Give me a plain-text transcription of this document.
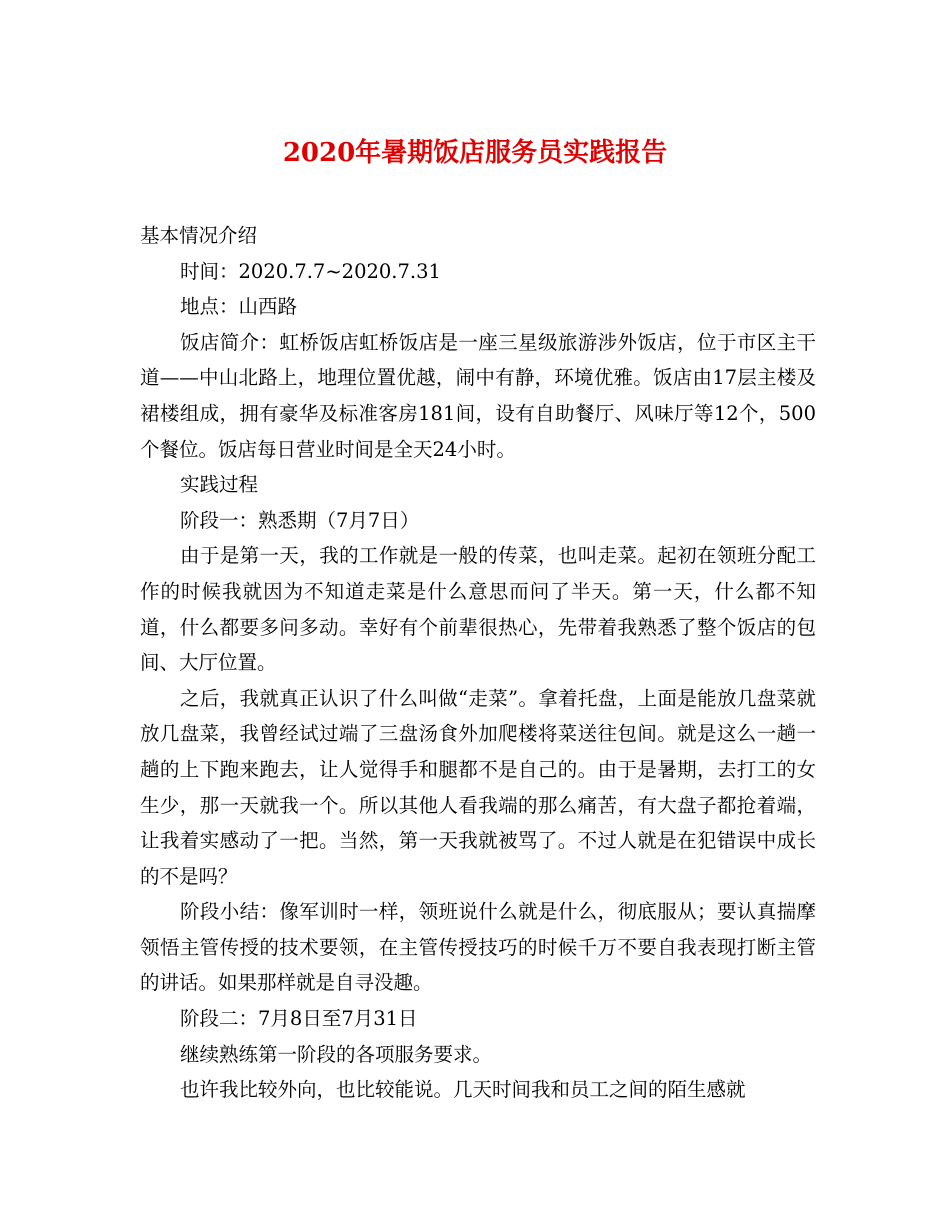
2020年暑期饭店服务员实践报告

基本情况介绍

时间：2020.7.7~2020.7.31

地点：山西路

饭店简介：虹桥饭店虹桥饭店是一座三星级旅游涉外饭店，位于市区主干道——中山北路上，地理位置优越，闹中有静，环境优雅。饭店由17层主楼及裙楼组成，拥有豪华及标准客房181间，设有自助餐厅、风味厅等12个，500个餐位。饭店每日营业时间是全天24小时。

实践过程

阶段一：熟悉期（7月7日）

由于是第一天，我的工作就是一般的传菜，也叫走菜。起初在领班分配工作的时候我就因为不知道走菜是什么意思而问了半天。第一天，什么都不知道，什么都要多问多动。幸好有个前辈很热心，先带着我熟悉了整个饭店的包间、大厅位置。

之后，我就真正认识了什么叫做“走菜”。拿着托盘，上面是能放几盘菜就放几盘菜，我曾经试过端了三盘汤食外加爬楼将菜送往包间。就是这么一趟一趟的上下跑来跑去，让人觉得手和腿都不是自己的。由于是暑期，去打工的女生少，那一天就我一个。所以其他人看我端的那么痛苦，有大盘子都抢着端，让我着实感动了一把。当然，第一天我就被骂了。不过人就是在犯错误中成长的不是吗？

阶段小结：像军训时一样，领班说什么就是什么，彻底服从；要认真揣摩领悟主管传授的技术要领，在主管传授技巧的时候千万不要自我表现打断主管的讲话。如果那样就是自寻没趣。

阶段二：7月8日至7月31日

继续熟练第一阶段的各项服务要求。

也许我比较外向，也比较能说。几天时间我和员工之间的陌生感就
